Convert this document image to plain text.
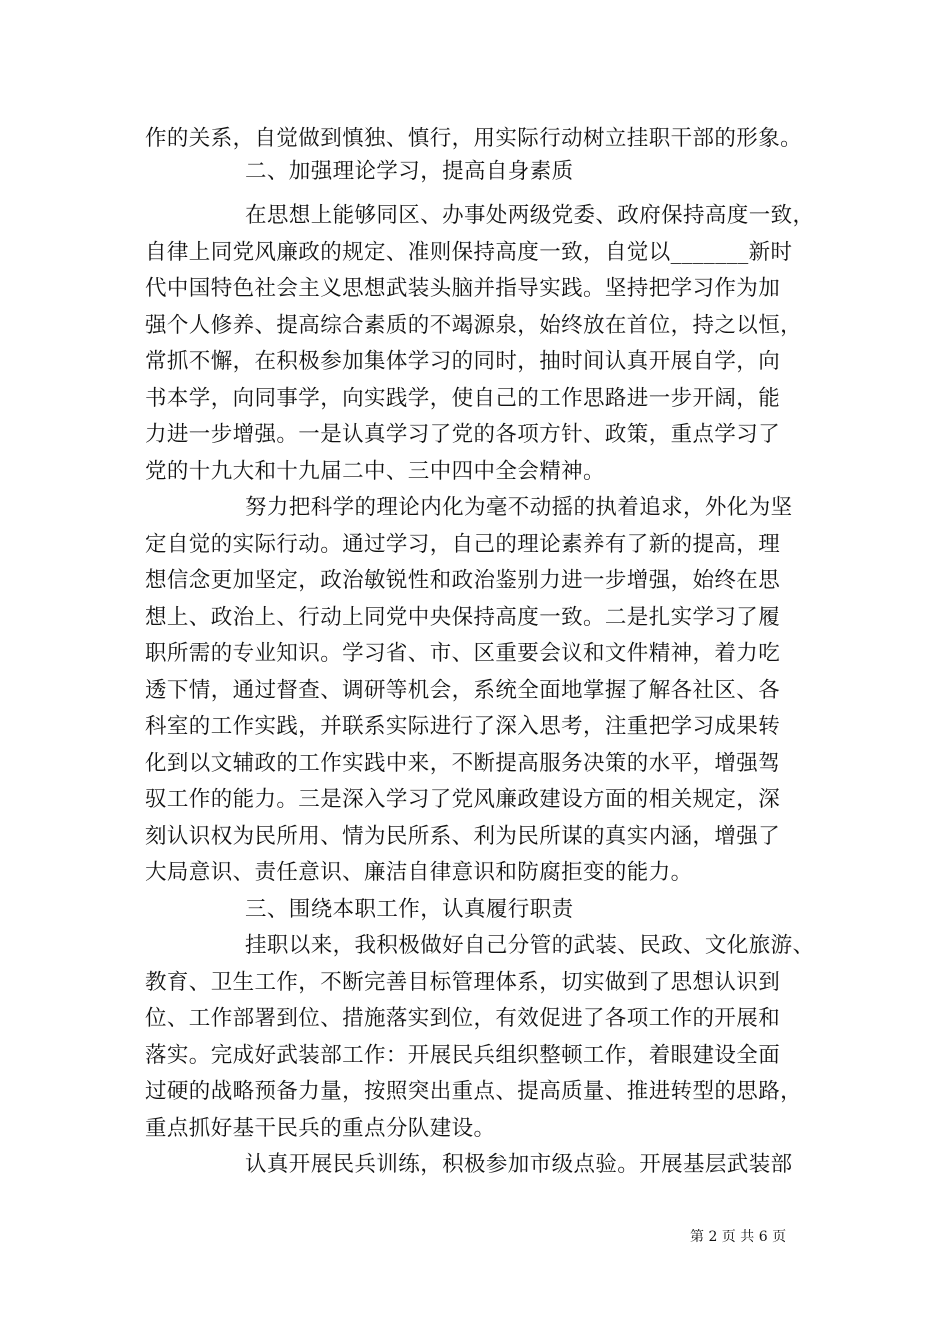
作的关系，自觉做到慎独、慎行，用实际行动树立挂职干部的形象。
二、加强理论学习，提高自身素质
在思想上能够同区、办事处两级党委、政府保持高度一致，
自律上同党风廉政的规定、准则保持高度一致，自觉以_______新时
代中国特色社会主义思想武装头脑并指导实践。坚持把学习作为加
强个人修养、提高综合素质的不竭源泉，始终放在首位，持之以恒，
常抓不懈，在积极参加集体学习的同时，抽时间认真开展自学，向
书本学，向同事学，向实践学，使自己的工作思路进一步开阔，能
力进一步增强。一是认真学习了党的各项方针、政策，重点学习了
党的十九大和十九届二中、三中四中全会精神。
努力把科学的理论内化为毫不动摇的执着追求，外化为坚
定自觉的实际行动。通过学习，自己的理论素养有了新的提高，理
想信念更加坚定，政治敏锐性和政治鉴别力进一步增强，始终在思
想上、政治上、行动上同党中央保持高度一致。二是扎实学习了履
职所需的专业知识。学习省、市、区重要会议和文件精神，着力吃
透下情，通过督查、调研等机会，系统全面地掌握了解各社区、各
科室的工作实践，并联系实际进行了深入思考，注重把学习成果转
化到以文辅政的工作实践中来，不断提高服务决策的水平，增强驾
驭工作的能力。三是深入学习了党风廉政建设方面的相关规定，深
刻认识权为民所用、情为民所系、利为民所谋的真实内涵，增强了
大局意识、责任意识、廉洁自律意识和防腐拒变的能力。
三、围绕本职工作，认真履行职责
挂职以来，我积极做好自己分管的武装、民政、文化旅游、
教育、卫生工作，不断完善目标管理体系，切实做到了思想认识到
位、工作部署到位、措施落实到位，有效促进了各项工作的开展和
落实。完成好武装部工作：开展民兵组织整顿工作，着眼建设全面
过硬的战略预备力量，按照突出重点、提高质量、推进转型的思路，
重点抓好基干民兵的重点分队建设。
认真开展民兵训练，积极参加市级点验。开展基层武装部
第 2 页 共 6 页
